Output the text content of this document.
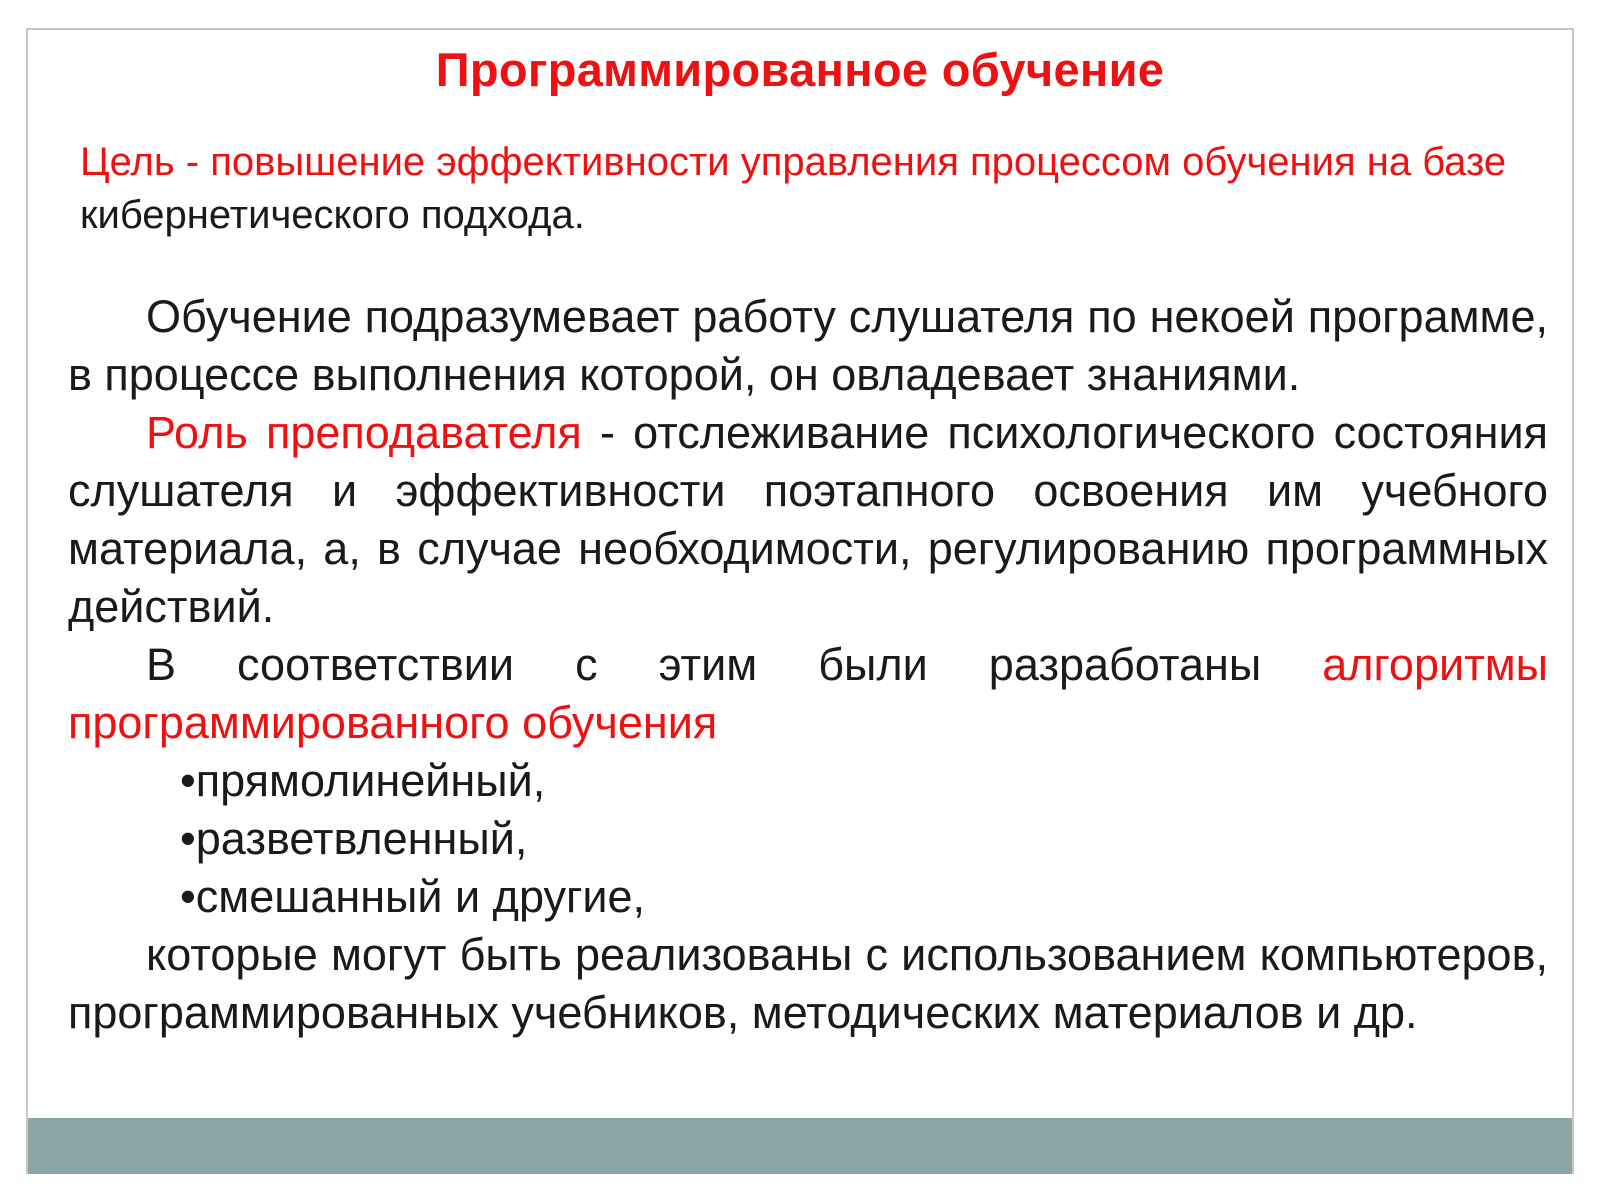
Программированное обучение
Цель - повышение эффективности управления процессом обучения на базе кибернетического подхода.

Обучение подразумевает работу слушателя по некоей программе, в процессе выполнения которой, он овладевает знаниями.

Роль преподавателя - отслеживание психологического состояния слушателя и эффективности поэтапного освоения им учебного материала, а, в случае необходимости, регулированию программных действий.

В соответствии с этим были разработаны алгоритмы программированного обучения

•прямолинейный,
•разветвленный,
•смешанный и другие,

которые могут быть реализованы с использованием компьютеров, программированных учебников, методических материалов и др.
